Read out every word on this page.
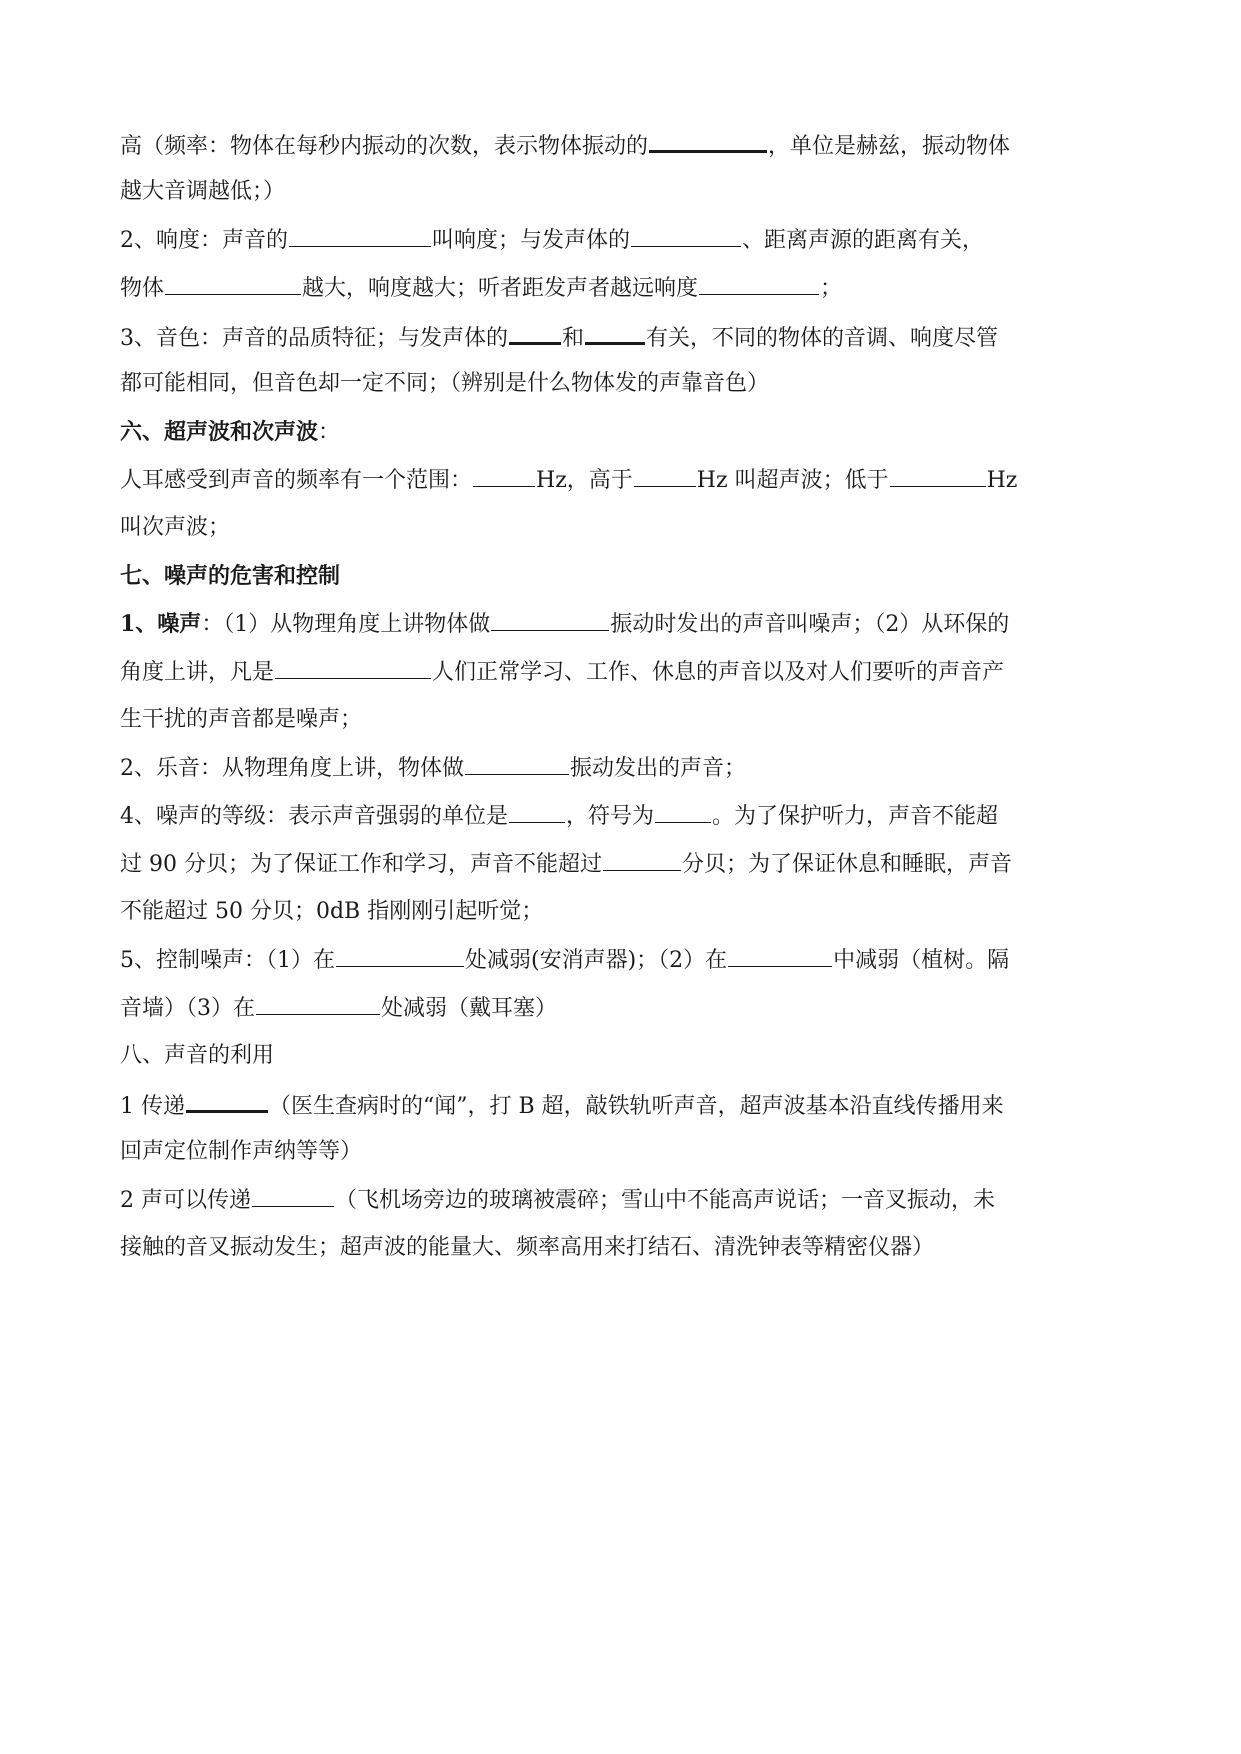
高（频率：物体在每秒内振动的次数，表示物体振动的	，单位是赫兹，振动物体
越大音调越低；）
2、响度：声音的	叫响度；与发声体的	、距离声源的距离有关，
物体	越大，响度越大；听者距发声者越远响度	；
3、音色：声音的品质特征；与发声体的 和	有关，不同的物体的音调、响度尽管
都可能相同，但音色却一定不同；（辨别是什么物体发的声靠音色）
六、超声波和次声波：
人耳感受到声音的频率有一个范围：	Hz，高于	Hz 叫超声波；低于	Hz
叫次声波；
七、噪声的危害和控制
1、噪声：（1）从物理角度上讲物体做	振动时发出的声音叫噪声；（2）从环保的
角度上讲，凡是	人们正常学习、工作、休息的声音以及对人们要听的声音产
生干扰的声音都是噪声；
2、乐音：从物理角度上讲，物体做	振动发出的声音；
4、噪声的等级：表示声音强弱的单位是	，符号为	。为了保护听力，声音不能超
过 90 分贝；为了保证工作和学习，声音不能超过	分贝；为了保证休息和睡眠，声音
不能超过 50 分贝；0dB 指刚刚引起听觉；
5、控制噪声：（1）在	处减弱(安消声器)；（2）在	中减弱（植树。隔
音墙）（3）在	处减弱（戴耳塞）
八、声音的利用
1 传递	（医生查病时的“闻”，打 B 超，敲铁轨听声音，超声波基本沿直线传播用来
回声定位制作声纳等等）
2 声可以传递	（飞机场旁边的玻璃被震碎；雪山中不能高声说话；一音叉振动，未
接触的音叉振动发生；超声波的能量大、频率高用来打结石、清洗钟表等精密仪器）
